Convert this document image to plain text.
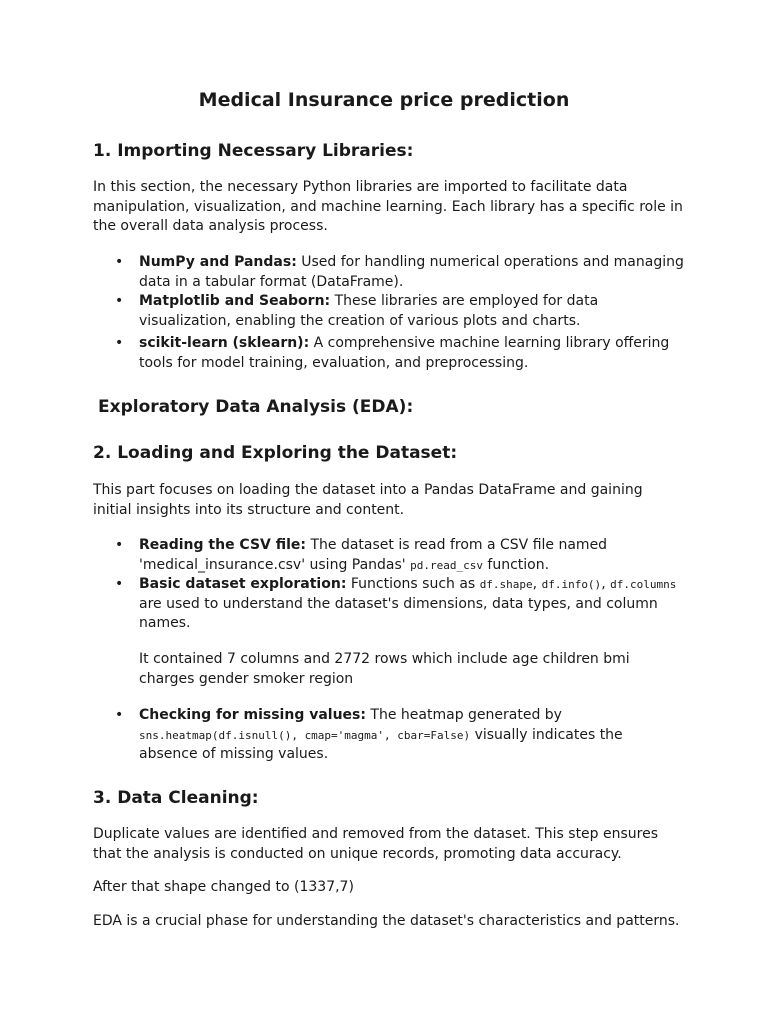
Medical Insurance price prediction
1. Importing Necessary Libraries:

In this section, the necessary Python libraries are imported to facilitate data manipulation, visualization, and machine learning. Each library has a specific role in the overall data analysis process.

• NumPy and Pandas: Used for handling numerical operations and managing data in a tabular format (DataFrame).
• Matplotlib and Seaborn: These libraries are employed for data visualization, enabling the creation of various plots and charts.
• scikit-learn (sklearn): A comprehensive machine learning library offering tools for model training, evaluation, and preprocessing.
Exploratory Data Analysis (EDA):
2. Loading and Exploring the Dataset:

This part focuses on loading the dataset into a Pandas DataFrame and gaining initial insights into its structure and content.

• Reading the CSV file: The dataset is read from a CSV file named 'medical_insurance.csv' using Pandas' pd.read_csv function.
• Basic dataset exploration: Functions such as df.shape, df.info(), df.columns are used to understand the dataset's dimensions, data types, and column names.

It contained 7 columns and 2772 rows which include age children bmi charges gender smoker region

• Checking for missing values: The heatmap generated by sns.heatmap(df.isnull(), cmap='magma', cbar=False) visually indicates the absence of missing values.
3. Data Cleaning:

Duplicate values are identified and removed from the dataset. This step ensures that the analysis is conducted on unique records, promoting data accuracy.

After that shape changed to (1337,7)

EDA is a crucial phase for understanding the dataset's characteristics and patterns.
